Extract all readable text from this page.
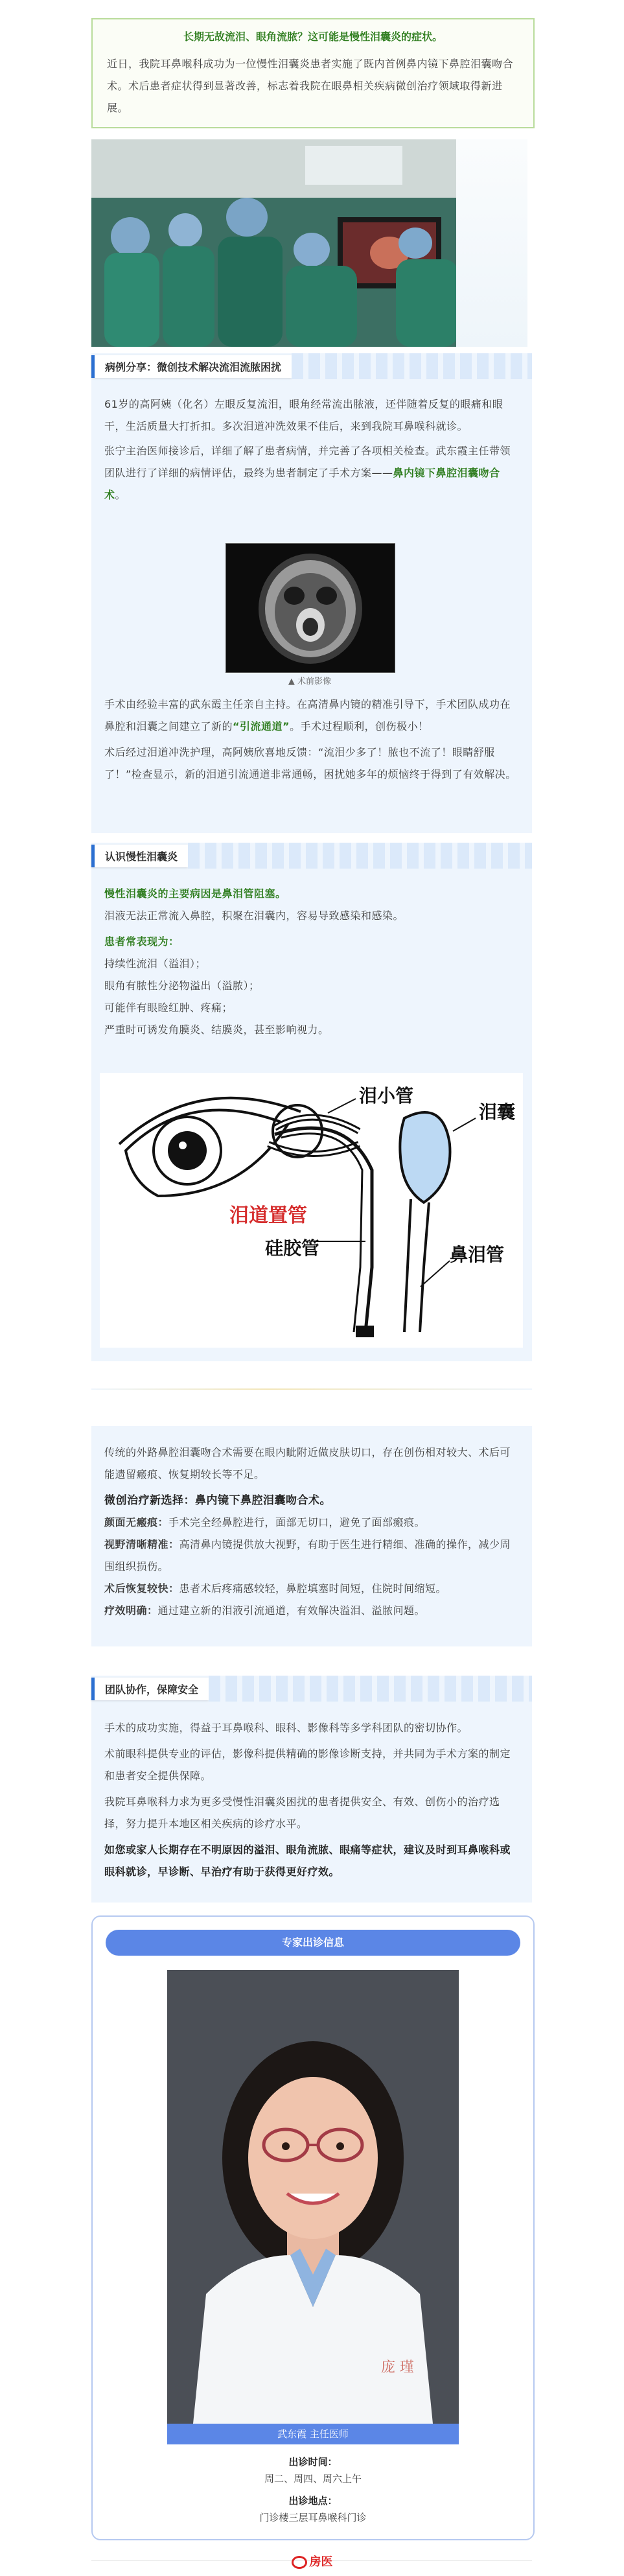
长期无故流泪、眼角流脓？这可能是慢性泪囊炎的症状。

近日，我院耳鼻喉科成功为一位慢性泪囊炎患者实施了既内首例鼻内镜下鼻腔泪囊吻合术。术后患者症状得到显著改善，标志着我院在眼鼻相关疾病微创治疗领域取得新进展。

病例分享：微创技术解决流泪流脓困扰

61岁的高阿姨（化名）左眼反复流泪，眼角经常流出脓液，还伴随着反复的眼痛和眼干，生活质量大打折扣。多次泪道冲洗效果不佳后，来到我院耳鼻喉科就诊。

张宁主治医师接诊后，详细了解了患者病情，并完善了各项相关检查。武东霞主任带领团队进行了详细的病情评估，最终为患者制定了手术方案——鼻内镜下鼻腔泪囊吻合术。

▲ 术前影像

手术由经验丰富的武东霞主任亲自主持。在高清鼻内镜的精准引导下，手术团队成功在鼻腔和泪囊之间建立了新的“引流通道”。手术过程顺利，创伤极小！

术后经过泪道冲洗护理，高阿姨欣喜地反馈：“流泪少多了！脓也不流了！眼睛舒服了！”检查显示，新的泪道引流通道非常通畅，困扰她多年的烦恼终于得到了有效解决。

认识慢性泪囊炎

慢性泪囊炎的主要病因是鼻泪管阻塞。

泪液无法正常流入鼻腔，积聚在泪囊内，容易导致感染和感染。

患者常表现为：

持续性流泪（溢泪）；

眼角有脓性分泌物溢出（溢脓）；

可能伴有眼睑红肿、疼痛；

严重时可诱发角膜炎、结膜炎，甚至影响视力。

泪小管
泪囊
泪道置管
硅胶管	鼻泪管

传统的外路鼻腔泪囊吻合术需要在眼内眦附近做皮肤切口，存在创伤相对较大、术后可能遗留瘢痕、恢复期较长等不足。

微创治疗新选择：鼻内镜下鼻腔泪囊吻合术。

颜面无瘢痕：手术完全经鼻腔进行，面部无切口，避免了面部瘢痕。

视野清晰精准：高清鼻内镜提供放大视野，有助于医生进行精细、准确的操作，减少周围组织损伤。

术后恢复较快：患者术后疼痛感较轻，鼻腔填塞时间短，住院时间缩短。

疗效明确：通过建立新的泪液引流通道，有效解决溢泪、溢脓问题。

团队协作，保障安全

手术的成功实施，得益于耳鼻喉科、眼科、影像科等多学科团队的密切协作。

术前眼科提供专业的评估，影像科提供精确的影像诊断支持，并共同为手术方案的制定和患者安全提供保障。

我院耳鼻喉科力求为更多受慢性泪囊炎困扰的患者提供安全、有效、创伤小的治疗选择，努力提升本地区相关疾病的诊疗水平。

如您或家人长期存在不明原因的溢泪、眼角流脓、眼痛等症状，建议及时到耳鼻喉科或眼科就诊，早诊断、早治疗有助于获得更好疗效。

专家出诊信息
庞 瑾
武东霞 主任医师
出诊时间：
周二、周四、周六上午
出诊地点：
门诊楼三层耳鼻喉科门诊
房医
